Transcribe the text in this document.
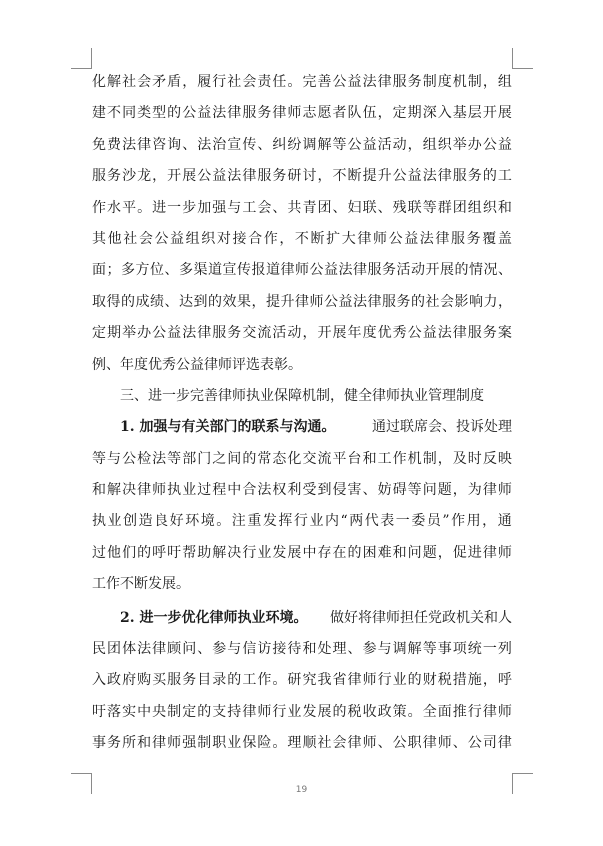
化 解 社 会 矛 盾 ， 履 行 社 会 责 任 。 完 善 公 益 法 律 服 务 制 度 机 制 ， 组
建 不 同 类 型 的 公 益 法 律 服 务 律 师 志 愿 者 队 伍 ， 定 期 深 入 基 层 开 展
免 费 法 律 咨 询 、 法 治 宣 传 、 纠 纷 调 解 等 公 益 活 动 ， 组 织 举 办 公 益
服 务 沙 龙 ， 开 展 公 益 法 律 服 务 研 讨 ， 不 断 提 升 公 益 法 律 服 务 的 工
作 水 平 。 进 一 步 加 强 与 工 会 、 共 青 团 、 妇 联 、 残 联 等 群 团 组 织 和
其 他 社 会 公 益 组 织 对 接 合 作 ， 不 断 扩 大 律 师 公 益 法 律 服 务 覆 盖
面 ； 多 方 位 、 多 渠 道 宣 传 报 道 律 师 公 益 法 律 服 务 活 动 开 展 的 情 况 、
取 得 的 成 绩 、 达 到 的 效 果 ， 提 升 律 师 公 益 法 律 服 务 的 社 会 影 响 力 ，
定 期 举 办 公 益 法 律 服 务 交 流 活 动 ， 开 展 年 度 优 秀 公 益 法 律 服 务 案
例、年度优秀公益律师评选表彰。
三、进一步完善律师执业保障机制，健全律师执业管理制度
1. 加强与有关部门的联系与沟通。	通过联席会、投诉处理
等 与 公 检 法 等 部 门 之 间 的 常 态 化 交 流 平 台 和 工 作 机 制 ， 及 时 反 映
和 解 决 律 师 执 业 过 程 中 合 法 权 利 受 到 侵 害 、 妨 碍 等 问 题 ， 为 律 师
执 业 创 造 良 好 环 境 。 注 重 发 挥 行 业 内 “ 两 代 表 一 委 员 ” 作 用 ， 通
过 他 们 的 呼 吁 帮 助 解 决 行 业 发 展 中 存 在 的 困 难 和 问 题 ， 促 进 律 师
工作不断发展。
2. 进一步优化律师执业环境。 做好将律师担任党政机关和人
民 团 体 法 律 顾 问 、 参 与 信 访 接 待 和 处 理 、 参 与 调 解 等 事 项 统 一 列
入 政 府 购 买 服 务 目 录 的 工 作 。 研 究 我 省 律 师 行 业 的 财 税 措 施 ， 呼
吁 落 实 中 央 制 定 的 支 持 律 师 行 业 发 展 的 税 收 政 策 。 全 面 推 行 律 师
事 务 所 和 律 师 强 制 职 业 保 险 。 理 顺 社 会 律 师 、 公 职 律 师 、 公 司 律
19
